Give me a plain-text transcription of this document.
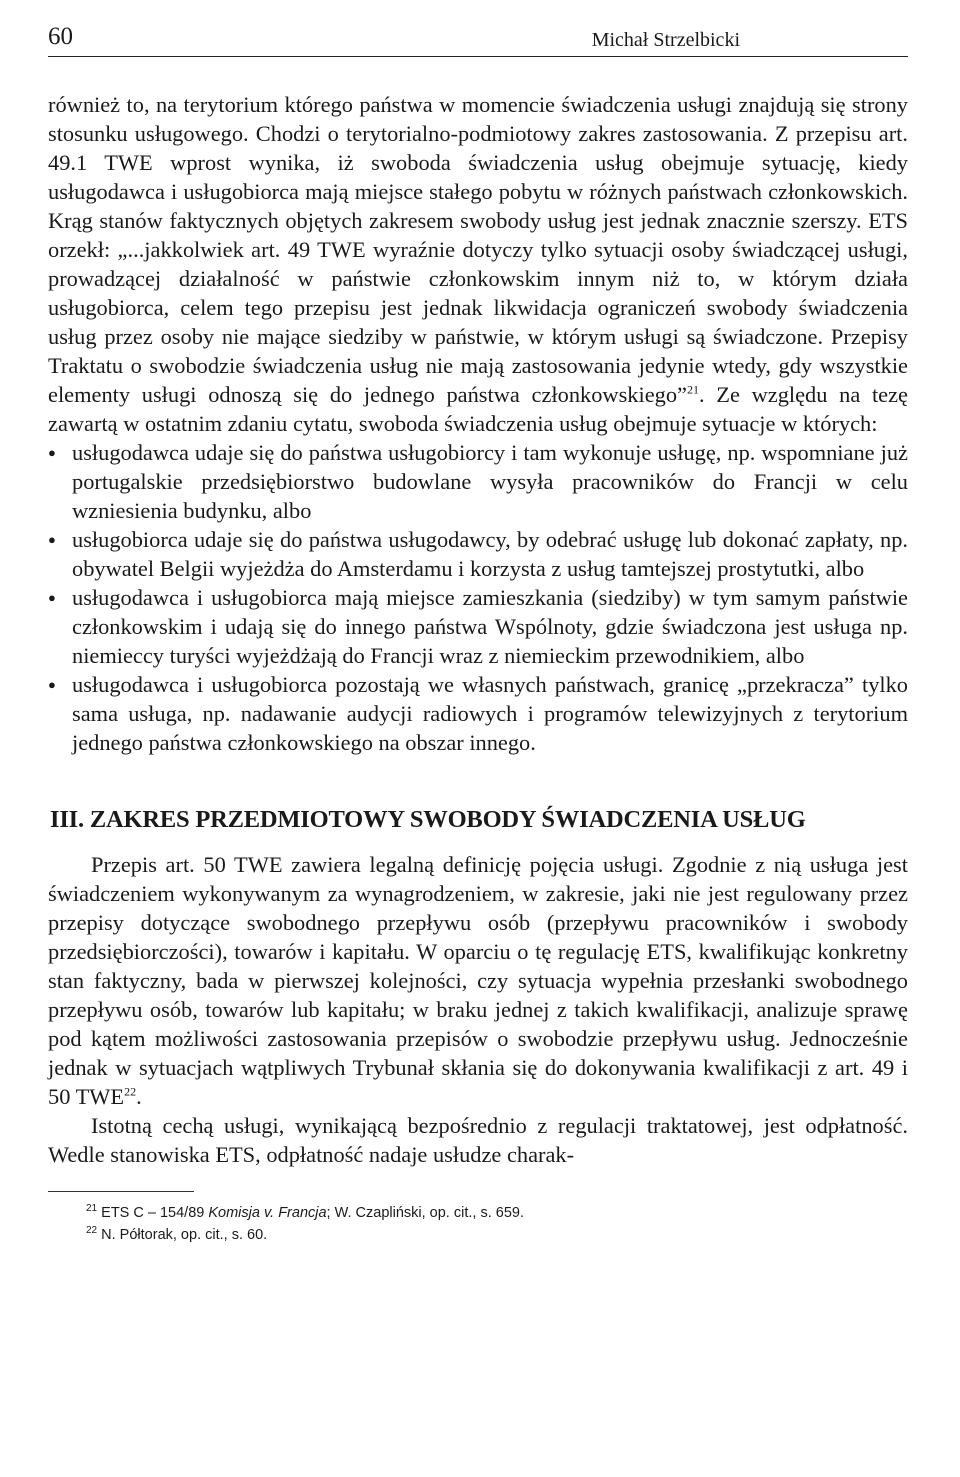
60	Michał Strzelbicki

również to, na terytorium którego państwa w momencie świadczenia usługi znajdują się strony stosunku usługowego. Chodzi o terytorialno-podmiotowy zakres zastosowania. Z przepisu art. 49.1 TWE wprost wynika, iż swoboda świadczenia usług obejmuje sytuację, kiedy usługodawca i usługobiorca mają miejsce stałego pobytu w różnych państwach członkowskich. Krąg stanów faktycznych objętych zakresem swobody usług jest jednak znacznie szerszy. ETS orzekł: „...jakkolwiek art. 49 TWE wyraźnie dotyczy tylko sytuacji osoby świadczącej usługi, prowadzącej działalność w państwie członkowskim innym niż to, w którym działa usługobiorca, celem tego przepisu jest jednak likwidacja ograniczeń swobody świadczenia usług przez osoby nie mające siedziby w państwie, w którym usługi są świadczone. Przepisy Traktatu o swobodzie świadczenia usług nie mają zastosowania jedynie wtedy, gdy wszystkie elementy usługi odnoszą się do jednego państwa członkowskiego”$^{21}$. Ze względu na tezę zawartą w ostatnim zdaniu cytatu, swoboda świadczenia usług obejmuje sytuacje w których:

● usługodawca udaje się do państwa usługobiorcy i tam wykonuje usługę, np. wspomniane już portugalskie przedsiębiorstwo budowlane wysyła pracowników do Francji w celu wzniesienia budynku, albo
● usługobiorca udaje się do państwa usługodawcy, by odebrać usługę lub dokonać zapłaty, np. obywatel Belgii wyjeżdża do Amsterdamu i korzysta z usług tamtejszej prostytutki, albo
● usługodawca i usługobiorca mają miejsce zamieszkania (siedziby) w tym samym państwie członkowskim i udają się do innego państwa Wspólnoty, gdzie świadczona jest usługa np. niemieccy turyści wyjeżdżają do Francji wraz z niemieckim przewodnikiem, albo
● usługodawca i usługobiorca pozostają we własnych państwach, granicę „przekracza” tylko sama usługa, np. nadawanie audycji radiowych i programów telewizyjnych z terytorium jednego państwa członkowskiego na obszar innego.
III. ZAKRES PRZEDMIOTOWY SWOBODY ŚWIADCZENIA USŁUG

Przepis art. 50 TWE zawiera legalną definicję pojęcia usługi. Zgodnie z nią usługa jest świadczeniem wykonywanym za wynagrodzeniem, w zakresie, jaki nie jest regulowany przez przepisy dotyczące swobodnego przepływu osób (przepływu pracowników i swobody przedsiębiorczości), towarów i kapitału. W oparciu o tę regulację ETS, kwalifikując konkretny stan faktyczny, bada w pierwszej kolejności, czy sytuacja wypełnia przesłanki swobodnego przepływu osób, towarów lub kapitału; w braku jednej z takich kwalifikacji, analizuje sprawę pod kątem możliwości zastosowania przepisów o swobodzie przepływu usług. Jednocześnie jednak w sytuacjach wątpliwych Trybunał skłania się do dokonywania kwalifikacji z art. 49 i 50 TWE$^{22}$.

Istotną cechą usługi, wynikającą bezpośrednio z regulacji traktatowej, jest odpłatność. Wedle stanowiska ETS, odpłatność nadaje usłudze charak-

$^{21}$ ETS C – 154/89 Komisja v. Francja; W. Czapliński, op. cit., s. 659.
$^{22}$ N. Półtorak, op. cit., s. 60.
